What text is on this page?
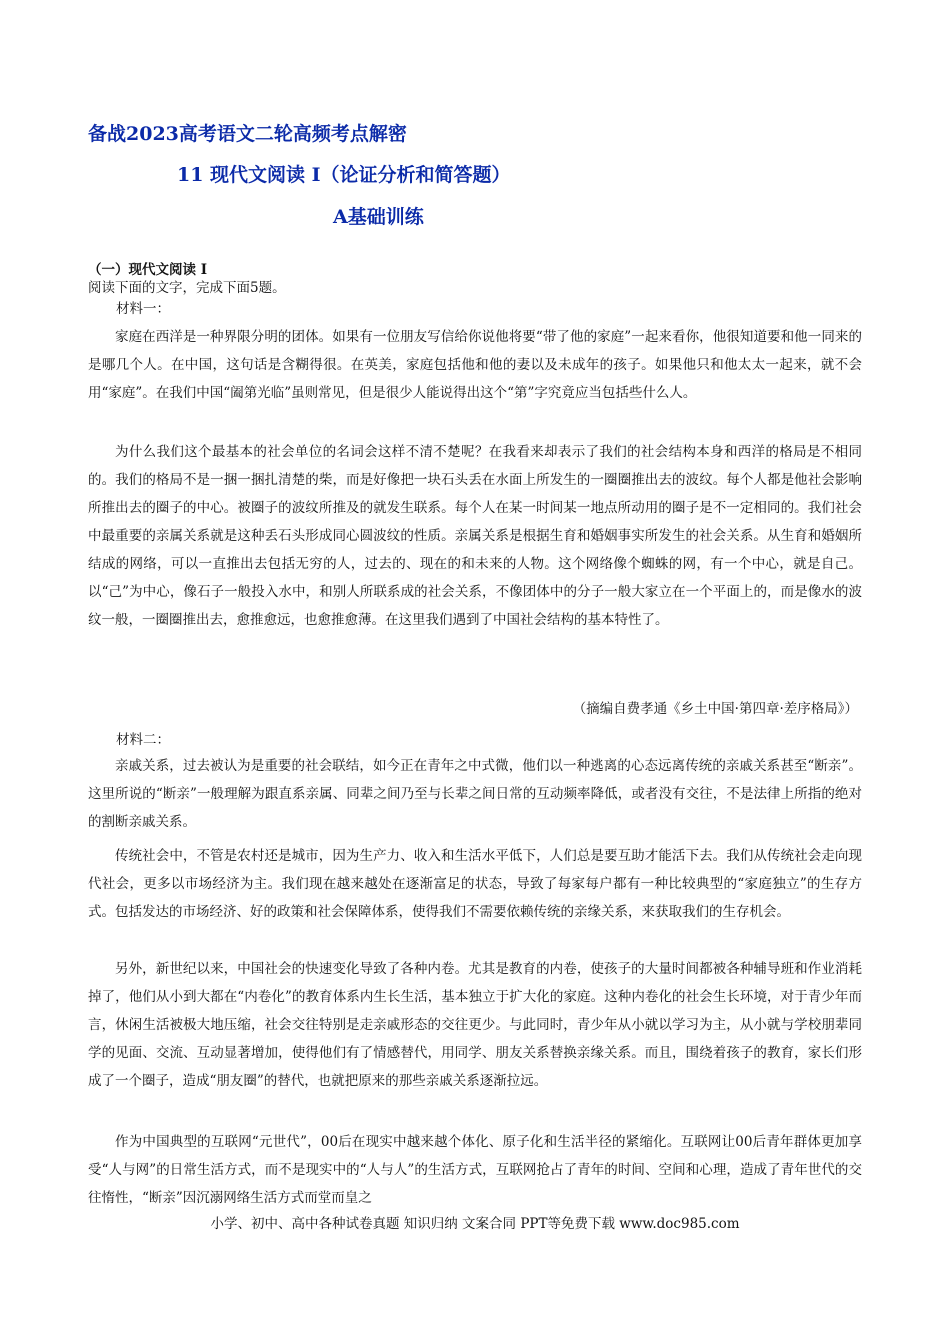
备战2023高考语文二轮高频考点解密
11 现代文阅读 I（论证分析和简答题）
A基础训练
（一）现代文阅读 I
阅读下面的文字，完成下面5题。
材料一：

家庭在西洋是一种界限分明的团体。如果有一位朋友写信给你说他将要“带了他的家庭”一起来看你，他很知道要和他一同来的是哪几个人。在中国，这句话是含糊得很。在英美，家庭包括他和他的妻以及未成年的孩子。如果他只和他太太一起来，就不会用“家庭”。在我们中国“阖第光临”虽则常见，但是很少人能说得出这个“第”字究竟应当包括些什么人。

为什么我们这个最基本的社会单位的名词会这样不清不楚呢？在我看来却表示了我们的社会结构本身和西洋的格局是不相同的。我们的格局不是一捆一捆扎清楚的柴，而是好像把一块石头丢在水面上所发生的一圈圈推出去的波纹。每个人都是他社会影响所推出去的圈子的中心。被圈子的波纹所推及的就发生联系。每个人在某一时间某一地点所动用的圈子是不一定相同的。我们社会中最重要的亲属关系就是这种丢石头形成同心圆波纹的性质。亲属关系是根据生育和婚姻事实所发生的社会关系。从生育和婚姻所结成的网络，可以一直推出去包括无穷的人，过去的、现在的和未来的人物。这个网络像个蜘蛛的网，有一个中心，就是自己。以“己”为中心，像石子一般投入水中，和别人所联系成的社会关系，不像团体中的分子一般大家立在一个平面上的，而是像水的波纹一般，一圈圈推出去，愈推愈远，也愈推愈薄。在这里我们遇到了中国社会结构的基本特性了。

（摘编自费孝通《乡土中国·第四章·差序格局》）
材料二：

亲戚关系，过去被认为是重要的社会联结，如今正在青年之中式微，他们以一种逃离的心态远离传统的亲戚关系甚至“断亲”。这里所说的“断亲”一般理解为跟直系亲属、同辈之间乃至与长辈之间日常的互动频率降低，或者没有交往，不是法律上所指的绝对的割断亲戚关系。

传统社会中，不管是农村还是城市，因为生产力、收入和生活水平低下，人们总是要互助才能活下去。我们从传统社会走向现代社会，更多以市场经济为主。我们现在越来越处在逐渐富足的状态，导致了每家每户都有一种比较典型的“家庭独立”的生存方式。包括发达的市场经济、好的政策和社会保障体系，使得我们不需要依赖传统的亲缘关系，来获取我们的生存机会。

另外，新世纪以来，中国社会的快速变化导致了各种内卷。尤其是教育的内卷，使孩子的大量时间都被各种辅导班和作业消耗掉了，他们从小到大都在“内卷化”的教育体系内生长生活，基本独立于扩大化的家庭。这种内卷化的社会生长环境，对于青少年而言，休闲生活被极大地压缩，社会交往特别是走亲戚形态的交往更少。与此同时，青少年从小就以学习为主，从小就与学校朋辈同学的见面、交流、互动显著增加，使得他们有了情感替代，用同学、朋友关系替换亲缘关系。而且，围绕着孩子的教育，家长们形成了一个圈子，造成“朋友圈”的替代，也就把原来的那些亲戚关系逐渐拉远。

作为中国典型的互联网“元世代”，00后在现实中越来越个体化、原子化和生活半径的紧缩化。互联网让00后青年群体更加享受“人与网”的日常生活方式，而不是现实中的“人与人”的生活方式，互联网抢占了青年的时间、空间和心理，造成了青年世代的交往惰性，“断亲”因沉溺网络生活方式而堂而皇之

小学、初中、高中各种试卷真题 知识归纳 文案合同 PPT等免费下载 www.doc985.com
